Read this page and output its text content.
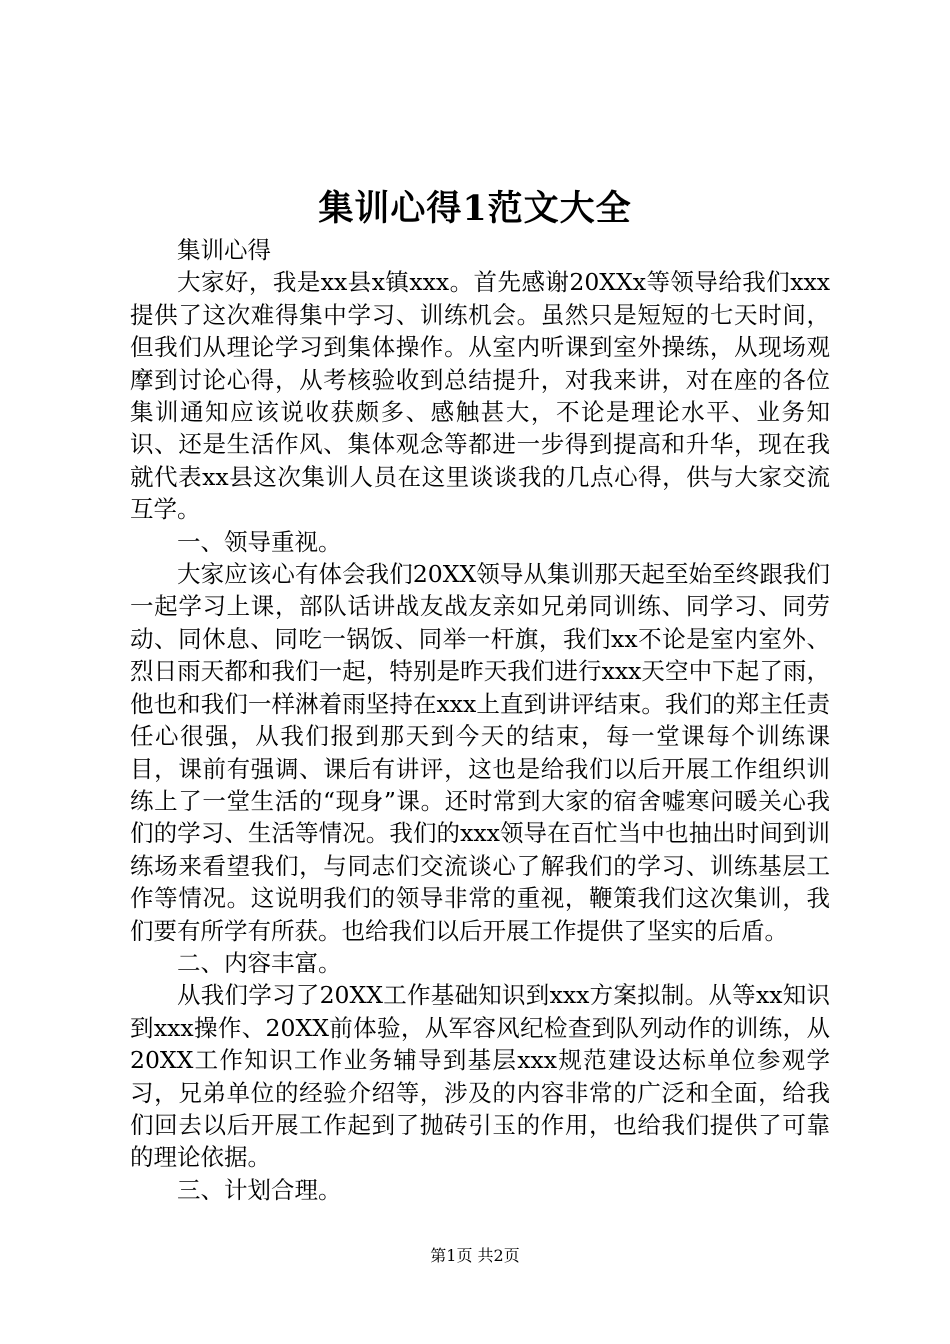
集训心得1范文大全

集训心得

大家好，我是xx县x镇xxx。首先感谢20XXx等领导给我们xxx提供了这次难得集中学习、训练机会。虽然只是短短的七天时间，但我们从理论学习到集体操作。从室内听课到室外操练，从现场观摩到讨论心得，从考核验收到总结提升，对我来讲，对在座的各位集训通知应该说收获颇多、感触甚大，不论是理论水平、业务知识、还是生活作风、集体观念等都进一步得到提高和升华，现在我就代表xx县这次集训人员在这里谈谈我的几点心得，供与大家交流互学。

一、领导重视。

大家应该心有体会我们20XX领导从集训那天起至始至终跟我们一起学习上课，部队话讲战友战友亲如兄弟同训练、同学习、同劳动、同休息、同吃一锅饭、同举一杆旗，我们xx不论是室内室外、烈日雨天都和我们一起，特别是昨天我们进行xxx天空中下起了雨，他也和我们一样淋着雨坚持在xxx上直到讲评结束。我们的郑主任责任心很强，从我们报到那天到今天的结束，每一堂课每个训练课目，课前有强调、课后有讲评，这也是给我们以后开展工作组织训练上了一堂生活的“现身”课。还时常到大家的宿舍嘘寒问暖关心我们的学习、生活等情况。我们的xxx领导在百忙当中也抽出时间到训练场来看望我们，与同志们交流谈心了解我们的学习、训练基层工作等情况。这说明我们的领导非常的重视，鞭策我们这次集训，我们要有所学有所获。也给我们以后开展工作提供了坚实的后盾。

二、内容丰富。

从我们学习了20XX工作基础知识到xxx方案拟制。从等xx知识到xxx操作、20XX前体验，从军容风纪检查到队列动作的训练，从20XX工作知识工作业务辅导到基层xxx规范建设达标单位参观学习，兄弟单位的经验介绍等，涉及的内容非常的广泛和全面，给我们回去以后开展工作起到了抛砖引玉的作用，也给我们提供了可靠的理论依据。

三、计划合理。

第1页 共2页
